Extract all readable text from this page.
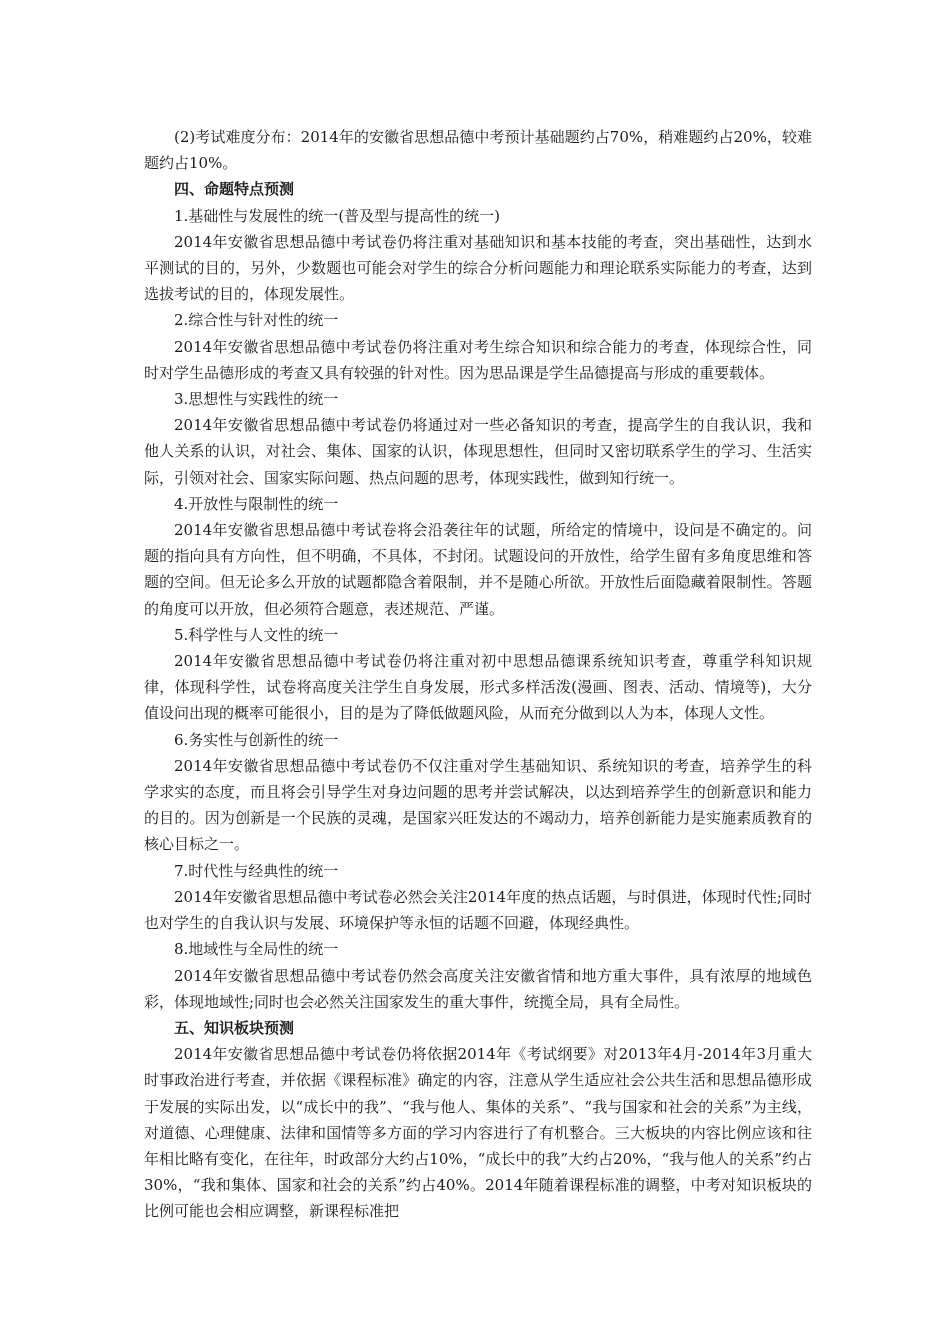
(2)考试难度分布：2014年的安徽省思想品德中考预计基础题约占70%，稍难题约占20%，较难题约占10%。

四、命题特点预测

1.基础性与发展性的统一(普及型与提高性的统一)

2014年安徽省思想品德中考试卷仍将注重对基础知识和基本技能的考查，突出基础性，达到水平测试的目的，另外，少数题也可能会对学生的综合分析问题能力和理论联系实际能力的考查，达到选拔考试的目的，体现发展性。

2.综合性与针对性的统一

2014年安徽省思想品德中考试卷仍将注重对考生综合知识和综合能力的考查，体现综合性，同时对学生品德形成的考查又具有较强的针对性。因为思品课是学生品德提高与形成的重要载体。

3.思想性与实践性的统一

2014年安徽省思想品德中考试卷仍将通过对一些必备知识的考查，提高学生的自我认识，我和他人关系的认识，对社会、集体、国家的认识，体现思想性，但同时又密切联系学生的学习、生活实际，引领对社会、国家实际问题、热点问题的思考，体现实践性，做到知行统一。

4.开放性与限制性的统一

2014年安徽省思想品德中考试卷将会沿袭往年的试题，所给定的情境中，设问是不确定的。问题的指向具有方向性，但不明确，不具体，不封闭。试题设问的开放性，给学生留有多角度思维和答题的空间。但无论多么开放的试题都隐含着限制，并不是随心所欲。开放性后面隐藏着限制性。答题的角度可以开放，但必须符合题意，表述规范、严谨。

5.科学性与人文性的统一

2014年安徽省思想品德中考试卷仍将注重对初中思想品德课系统知识考查，尊重学科知识规律，体现科学性，试卷将高度关注学生自身发展，形式多样活泼(漫画、图表、活动、情境等)，大分值设问出现的概率可能很小，目的是为了降低做题风险，从而充分做到以人为本，体现人文性。

6.务实性与创新性的统一

2014年安徽省思想品德中考试卷仍不仅注重对学生基础知识、系统知识的考查，培养学生的科学求实的态度，而且将会引导学生对身边问题的思考并尝试解决，以达到培养学生的创新意识和能力的目的。因为创新是一个民族的灵魂，是国家兴旺发达的不竭动力，培养创新能力是实施素质教育的核心目标之一。

7.时代性与经典性的统一

2014年安徽省思想品德中考试卷必然会关注2014年度的热点话题，与时俱进，体现时代性;同时也对学生的自我认识与发展、环境保护等永恒的话题不回避，体现经典性。

8.地域性与全局性的统一

2014年安徽省思想品德中考试卷仍然会高度关注安徽省情和地方重大事件，具有浓厚的地域色彩，体现地域性;同时也会必然关注国家发生的重大事件，统揽全局，具有全局性。

五、知识板块预测

2014年安徽省思想品德中考试卷仍将依据2014年《考试纲要》对2013年4月-2014年3月重大时事政治进行考查，并依据《课程标准》确定的内容，注意从学生适应社会公共生活和思想品德形成于发展的实际出发，以“成长中的我”、“我与他人、集体的关系”、“我与国家和社会的关系”为主线，对道德、心理健康、法律和国情等多方面的学习内容进行了有机整合。三大板块的内容比例应该和往年相比略有变化，在往年，时政部分大约占10%，“成长中的我”大约占20%，“我与他人的关系”约占30%，“我和集体、国家和社会的关系”约占40%。2014年随着课程标准的调整，中考对知识板块的比例可能也会相应调整，新课程标准把
